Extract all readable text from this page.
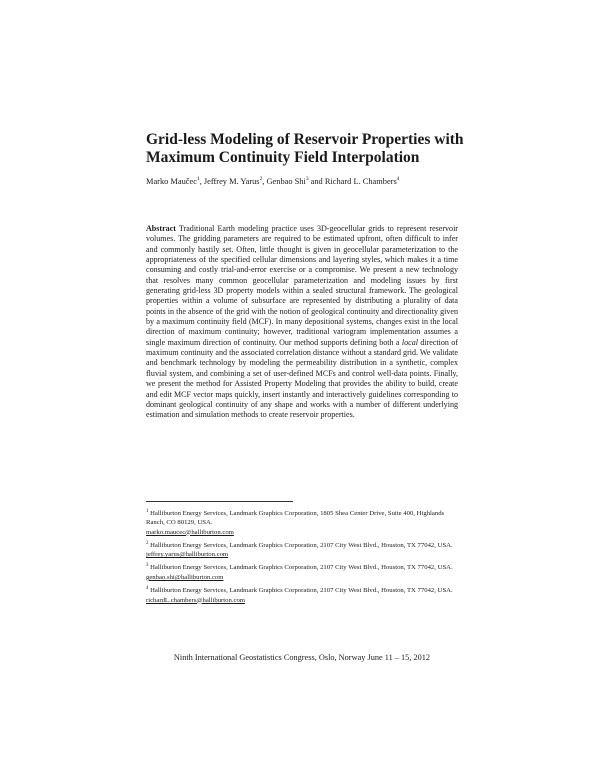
Grid-less Modeling of Reservoir Properties with Maximum Continuity Field Interpolation
Marko Maučec$^1$, Jeffrey M. Yarus$^2$, Genbao Shi$^3$ and Richard L. Chambers$^4$

Abstract Traditional Earth modeling practice uses 3D-geocellular grids to represent reservoir volumes. The gridding parameters are required to be estimated upfront, often difficult to infer and commonly hastily set. Often, little thought is given in geocellular parameterization to the appropriateness of the specified cellular dimensions and layering styles, which makes it a time consuming and costly trial-and-error exercise or a compromise. We present a new technology that resolves many common geocellular parameterization and modeling issues by first generating grid-less 3D property models within a sealed structural framework. The geological properties within a volume of subsurface are represented by distributing a plurality of data points in the absence of the grid with the notion of geological continuity and directionality given by a maximum continuity field (MCF). In many depositional systems, changes exist in the local direction of maximum continuity; however, traditional variogram implementation assumes a single maximum direction of continuity. Our method supports defining both a local direction of maximum continuity and the associated correlation distance without a standard grid. We validate and benchmark technology by modeling the permeability distribution in a synthetic, complex fluvial system, and combining a set of user-defined MCFs and control well-data points. Finally, we present the method for Assisted Property Modeling that provides the ability to build, create and edit MCF vector maps quickly, insert instantly and interactively guidelines corresponding to dominant geological continuity of any shape and works with a number of different underlying estimation and simulation methods to create reservoir properties.

$^1$ Halliburton Energy Services, Landmark Graphics Corporation, 1805 Shea Center Drive, Suite 400, Highlands Ranch, CO 80129, USA.
marko.maucec@halliburton.com

$^2$ Halliburton Energy Services, Landmark Graphics Corporation, 2107 City West Blvd., Houston, TX 77042, USA.
jeffrey.yarus@halliburton.com

$^3$ Halliburton Energy Services, Landmark Graphics Corporation, 2107 City West Blvd., Houston, TX 77042, USA.
genbao.shi@halliburton.com

$^4$ Halliburton Energy Services, Landmark Graphics Corporation, 2107 City West Blvd., Houston, TX 77042, USA.
richardL.chambers@halliburton.com

Ninth International Geostatistics Congress, Oslo, Norway June 11 – 15, 2012
